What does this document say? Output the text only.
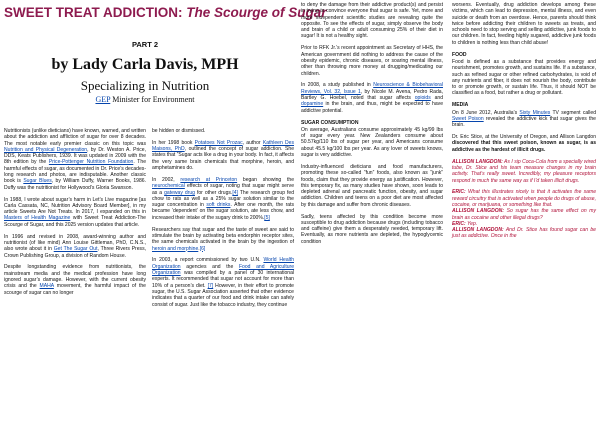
SWEET TREAT ADDICTION: The Scourge of Sugar
PART 2
by Lady Carla Davis, MPH
Specializing in Nutrition
GEP Minister for Environment

Nutritionists (unlike dieticians) have known, warned, and written about the addiction and affliction of sugar for over 8 decades. The most notable early premier classic on this topic was Nutrition and Physical Degeneration, by Dr. Weston A. Price, DDS, Keats Publishers, 1939. It was updated in 2009 with the 8th edition by the Price-Pottenger Nutrition Foundation. The harmful effects of sugar, as documented in Dr. Price’s decades-long research and photos, are indisputable. Another classic book is Sugar Blues, by William Duffy, Warner Books, 1986. Duffy was the nutritionist for Hollywood’s Gloria Swanson.

In 1988, I wrote about sugar’s harm in Let’s Live magazine [as Carla Cassata, NC, Nutrition Advisory Board Member], in my article Sweets Are Not Treats. In 2017, I expanded on this in Masters of Health Magazine with Sweet Treat Addiction-The Scourge of Sugar, and this 2025 version updates that article.

In 1996 and revised in 2008, award-winning author and nutritionist (of like mind) Ann Louise Gittleman, PhD, C.N.S., also wrote about it in Get The Sugar Out, Three Rivers Press, Crown Publishing Group, a division of Random House.

Despite longstanding evidence from nutritionists, the mainstream media and the medical profession have long ignored sugar’s damage. However, with the current obesity crisis and the MAHA movement, the harmful impact of the scourge of sugar can no longer

be hidden or dismissed.

In her 1998 book Potatoes Not Prozac, author Kathleen Des Maisons, PhD, outlined the concept of sugar addiction. She states that “Sugar acts like a drug in your body. In fact, it affects the very same brain chemicals that morphine, heroin, and amphetamines do.

In 2002, research at Princeton began showing the neurochemical effects of sugar, noting that sugar might serve as a gateway drug for other drugs.[4] The research group fed chow to rats as well as a 25% sugar solution similar to the sugar concentration in soft drinks. After one month, the rats became ‘dependent’ on the sugar solution, ate less chow, and increased their intake of the sugary drink to 200%.[5]

Researchers say that sugar and the taste of sweet are said to stimulate the brain by activating beta endorphin receptor sites, the same chemicals activated in the brain by the ingestion of heroin and morphine.[6]

In 2003, a report commissioned by two U.N. World Health Organization agencies and the Food and Agriculture Organization was compiled by a panel of 30 international experts. It recommended that sugar not account for more than 10% of a person’s diet. [7] However, in their effort to promote sugar, the U.S. Sugar Association asserted that other evidence indicates that a quarter of our food and drink intake can safely consist of sugar. Just like the tobacco industry, they continue

to deny the damage from their addictive product(s) and persist in trying to convince everyone that sugar is safe. Yet, more and more independent scientific studies are revealing quite the opposite. To see the effects of sugar, simply observe the body and brain of a child or adult consuming 25% of their diet in sugar! It is not a healthy sight.

Prior to RFK Jr.’s recent appointment as Secretary of HHS, the American government did nothing to address the cause of the obesity epidemic, chronic diseases, or soaring mental illness, other than throwing more money at drugging/medicating our children.

In 2008, a study published in Neuroscience & Biobehavioral Reviews, Vol. 32, Issue 1, by Nicole M. Avena, Pedro Rada, Bartley G. Hoebel, noted that sugar affects opioids and dopamine in the brain, and thus, might be expected to have addictive potential.

SUGAR CONSUMPTION

On average, Australians consume approximately 45 kg/99 lbs of sugar every year. New Zealanders consume about 50.57kg/110 lbs of sugar per year, and Americans consume about 45.5 kg/100 lbs per year. As any lover of sweets knows, sugar is very addictive.

Industry-influenced dieticians and food manufacturers, promoting these so-called “fun” foods, also known as “junk” foods, claim that they provide energy as justification. However, this temporary fix, as many studies have shown, soon leads to depleted adrenal and pancreatic function, obesity, and sugar addiction. Children and teens on a poor diet are most affected by this damage and suffer from chronic diseases.

Sadly, teens affected by this condition become more susceptible to drug addiction because drugs (including tobacco and caffeine) give them a desperately needed, temporary lift. Eventually, as more nutrients are depleted, the hypoglycemic condition

worsens. Eventually, drug addiction develops among these victims, which can lead to depression, mental illness, and even suicide or death from an overdose. Hence, parents should think twice before addicting their children to sweets as treats, and schools need to stop serving and selling addictive, junk foods to our children. In fact, feeding highly sugared, addictive junk foods to children is nothing less than child abuse!

FOOD

Food is defined as a substance that provides energy and nourishment, promotes growth, and sustains life. If a substance, such as refined sugar or other refined carbohydrates, is void of any nutrients and fiber, it does not nourish the body, contribute to or promote growth, or sustain life. Thus, it should NOT be classified as a food, but rather a drug or pollutant.

MEDIA

On 8 June 2012, Australia’s Sixty Minutes TV segment called Sweet Poison revealed the addictive kick that sugar gives the brain.

Dr. Eric Stice, at the University of Oregon, and Allison Langdon discovered that this sweet poison, known as sugar, is as addictive as the hardest of illicit drugs.

ALLISON LANGDON: As I sip Coca-Cola from a specially wired tube, Dr. Stice and his team measure changes in my brain activity. That’s really sweet. Incredibly, my pleasure receptors respond in much the same way as if I’d taken illicit drugs.

ERIC: What this illustrates nicely is that it activates the same reward circuitry that is activated when people do drugs of abuse, cocaine, or marijuana, or something like that.

ALLISON LANGDON: So sugar has the same effect on my brain as cocaine and other illegal drugs?

ERIC: Yep.

ALLISON LANGDON: And Dr. Stice has found sugar can be just as addictive. Once in the
